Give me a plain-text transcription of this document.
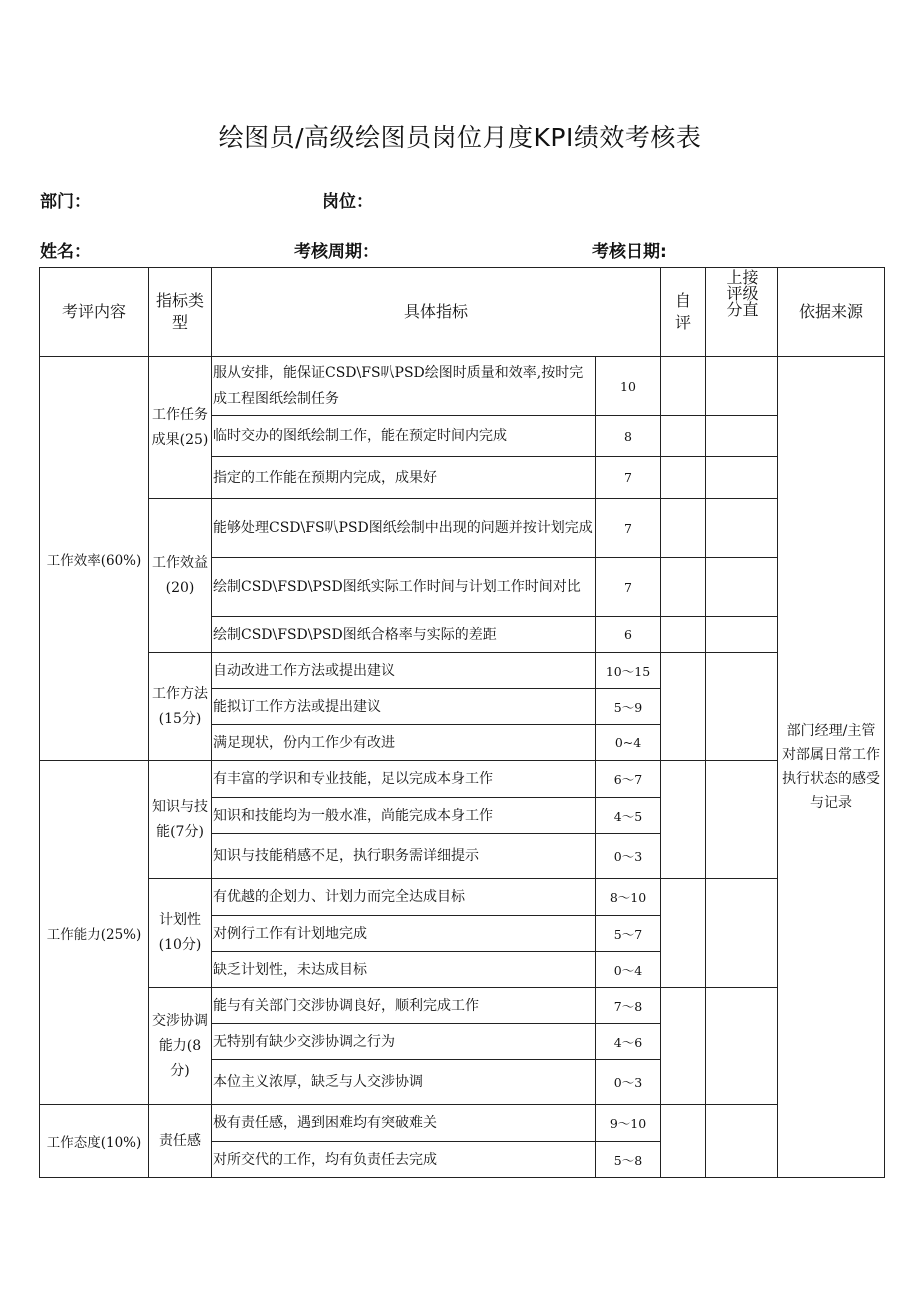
绘图员/高级绘图员岗位月度KPI绩效考核表
部门：	岗位：
姓名：	考核周期：	考核日期:
考评内容	指标类型	具体指标		自评	上接评级分直	依据来源
工作效率(60%)	工作任务成果(25)	服从安排，能保证CSD\FS叭PSD绘图时质量和效率,按时完成工程图纸绘制任务	10			部门经理/主管对部属日常工作执行状态的感受与记录
		临时交办的图纸绘制工作，能在预定时间内完成	8			
		指定的工作能在预期内完成，成果好	7			
	工作效益(20)	能够处理CSD\FS叭PSD图纸绘制中出现的问题并按计划完成	7			
		绘制CSD\FSD\PSD图纸实际工作时间与计划工作时间对比	7			
		绘制CSD\FSD\PSD图纸合格率与实际的差距	6			
	工作方法(15分)	自动改进工作方法或提出建议	10～15			
		能拟订工作方法或提出建议	5～9			
		满足现状，份内工作少有改进	0~4			
工作能力(25%)	知识与技能(7分)	有丰富的学识和专业技能，足以完成本身工作	6～7			
		知识和技能均为一般水准，尚能完成本身工作	4～5			
		知识与技能稍感不足，执行职务需详细提示	0～3			
	计划性(10分)	有优越的企划力、计划力而完全达成目标	8～10			
		对例行工作有计划地完成	5～7			
		缺乏计划性，未达成目标	0～4			
	交涉协调能力(8分)	能与有关部门交涉协调良好，顺利完成工作	7～8			
		无特别有缺少交涉协调之行为	4～6			
		本位主义浓厚，缺乏与人交涉协调	0～3			
工作态度(10%)	责任感	极有责任感，遇到困难均有突破难关	9～10			
		对所交代的工作，均有负责任去完成	5～8			
